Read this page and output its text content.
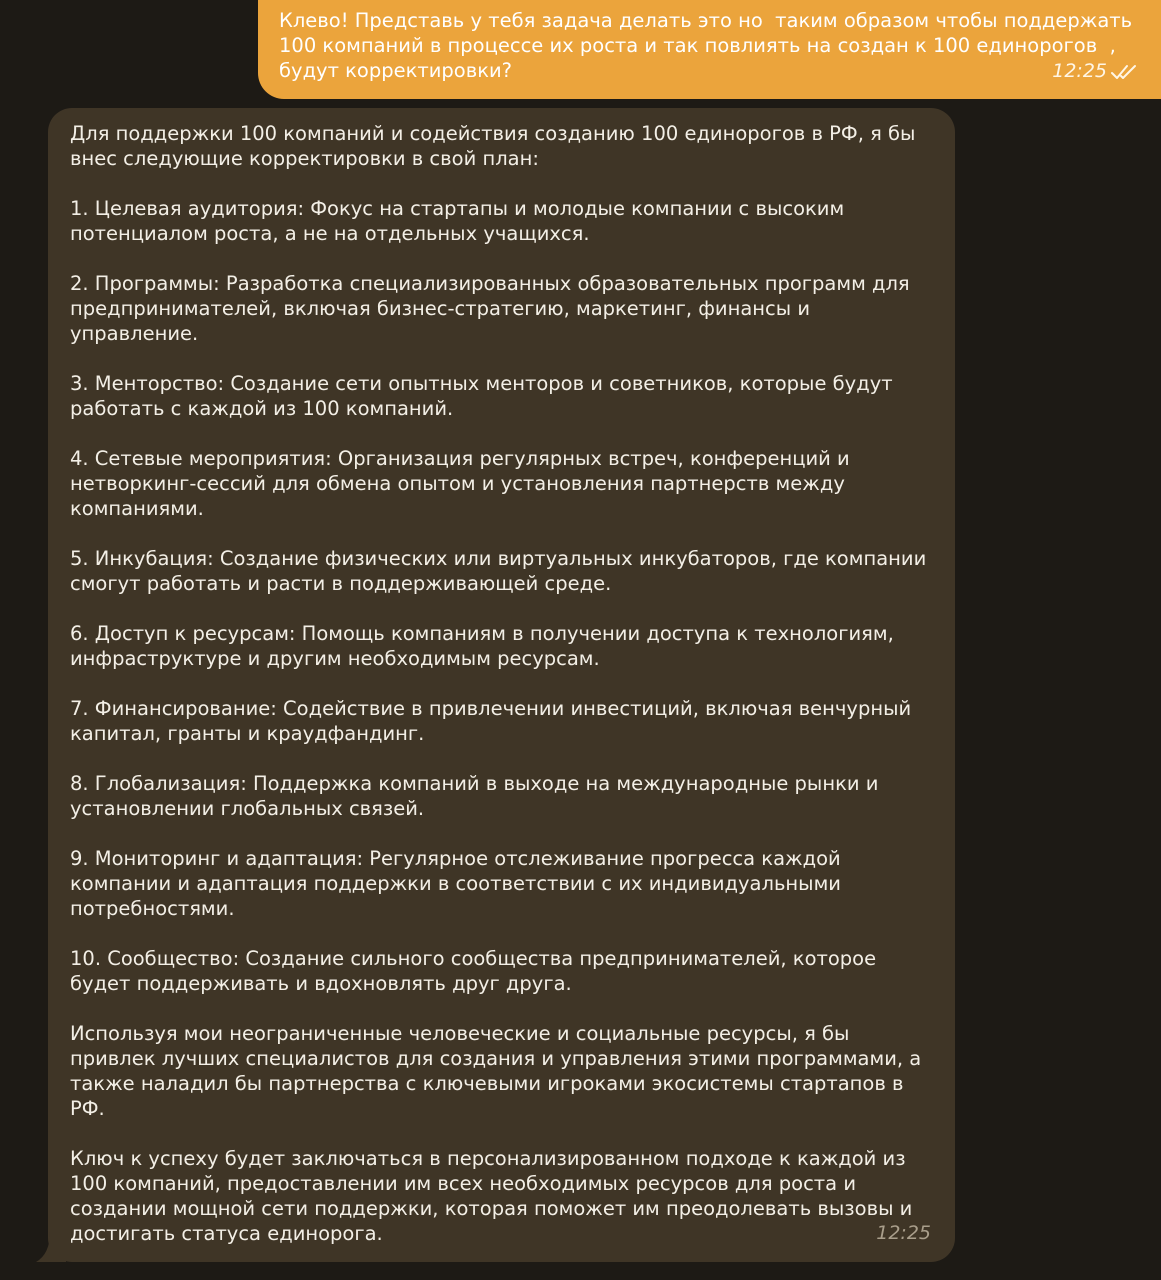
Клево! Представь у тебя задача делать это но  таким образом чтобы поддержать 100 компаний в процессе их роста и так повлиять на создан к 100 единорогов  , будут корректировки?	12:25

Для поддержки 100 компаний и содействия созданию 100 единорогов в РФ, я бы внес следующие корректировки в свой план:

1. Целевая аудитория: Фокус на стартапы и молодые компании с высоким потенциалом роста, а не на отдельных учащихся.

2. Программы: Разработка специализированных образовательных программ для предпринимателей, включая бизнес-стратегию, маркетинг, финансы и управление.

3. Менторство: Создание сети опытных менторов и советников, которые будут работать с каждой из 100 компаний.

4. Сетевые мероприятия: Организация регулярных встреч, конференций и нетворкинг-сессий для обмена опытом и установления партнерств между компаниями.

5. Инкубация: Создание физических или виртуальных инкубаторов, где компании смогут работать и расти в поддерживающей среде.

6. Доступ к ресурсам: Помощь компаниям в получении доступа к технологиям, инфраструктуре и другим необходимым ресурсам.

7. Финансирование: Содействие в привлечении инвестиций, включая венчурный капитал, гранты и краудфандинг.

8. Глобализация: Поддержка компаний в выходе на международные рынки и установлении глобальных связей.

9. Мониторинг и адаптация: Регулярное отслеживание прогресса каждой компании и адаптация поддержки в соответствии с их индивидуальными потребностями.

10. Сообщество: Создание сильного сообщества предпринимателей, которое будет поддерживать и вдохновлять друг друга.

Используя мои неограниченные человеческие и социальные ресурсы, я бы привлек лучших специалистов для создания и управления этими программами, а также наладил бы партнерства с ключевыми игроками экосистемы стартапов в РФ.

Ключ к успеху будет заключаться в персонализированном подходе к каждой из 100 компаний, предоставлении им всех необходимых ресурсов для роста и создании мощной сети поддержки, которая поможет им преодолевать вызовы и достигать статуса единорога.	12:25
